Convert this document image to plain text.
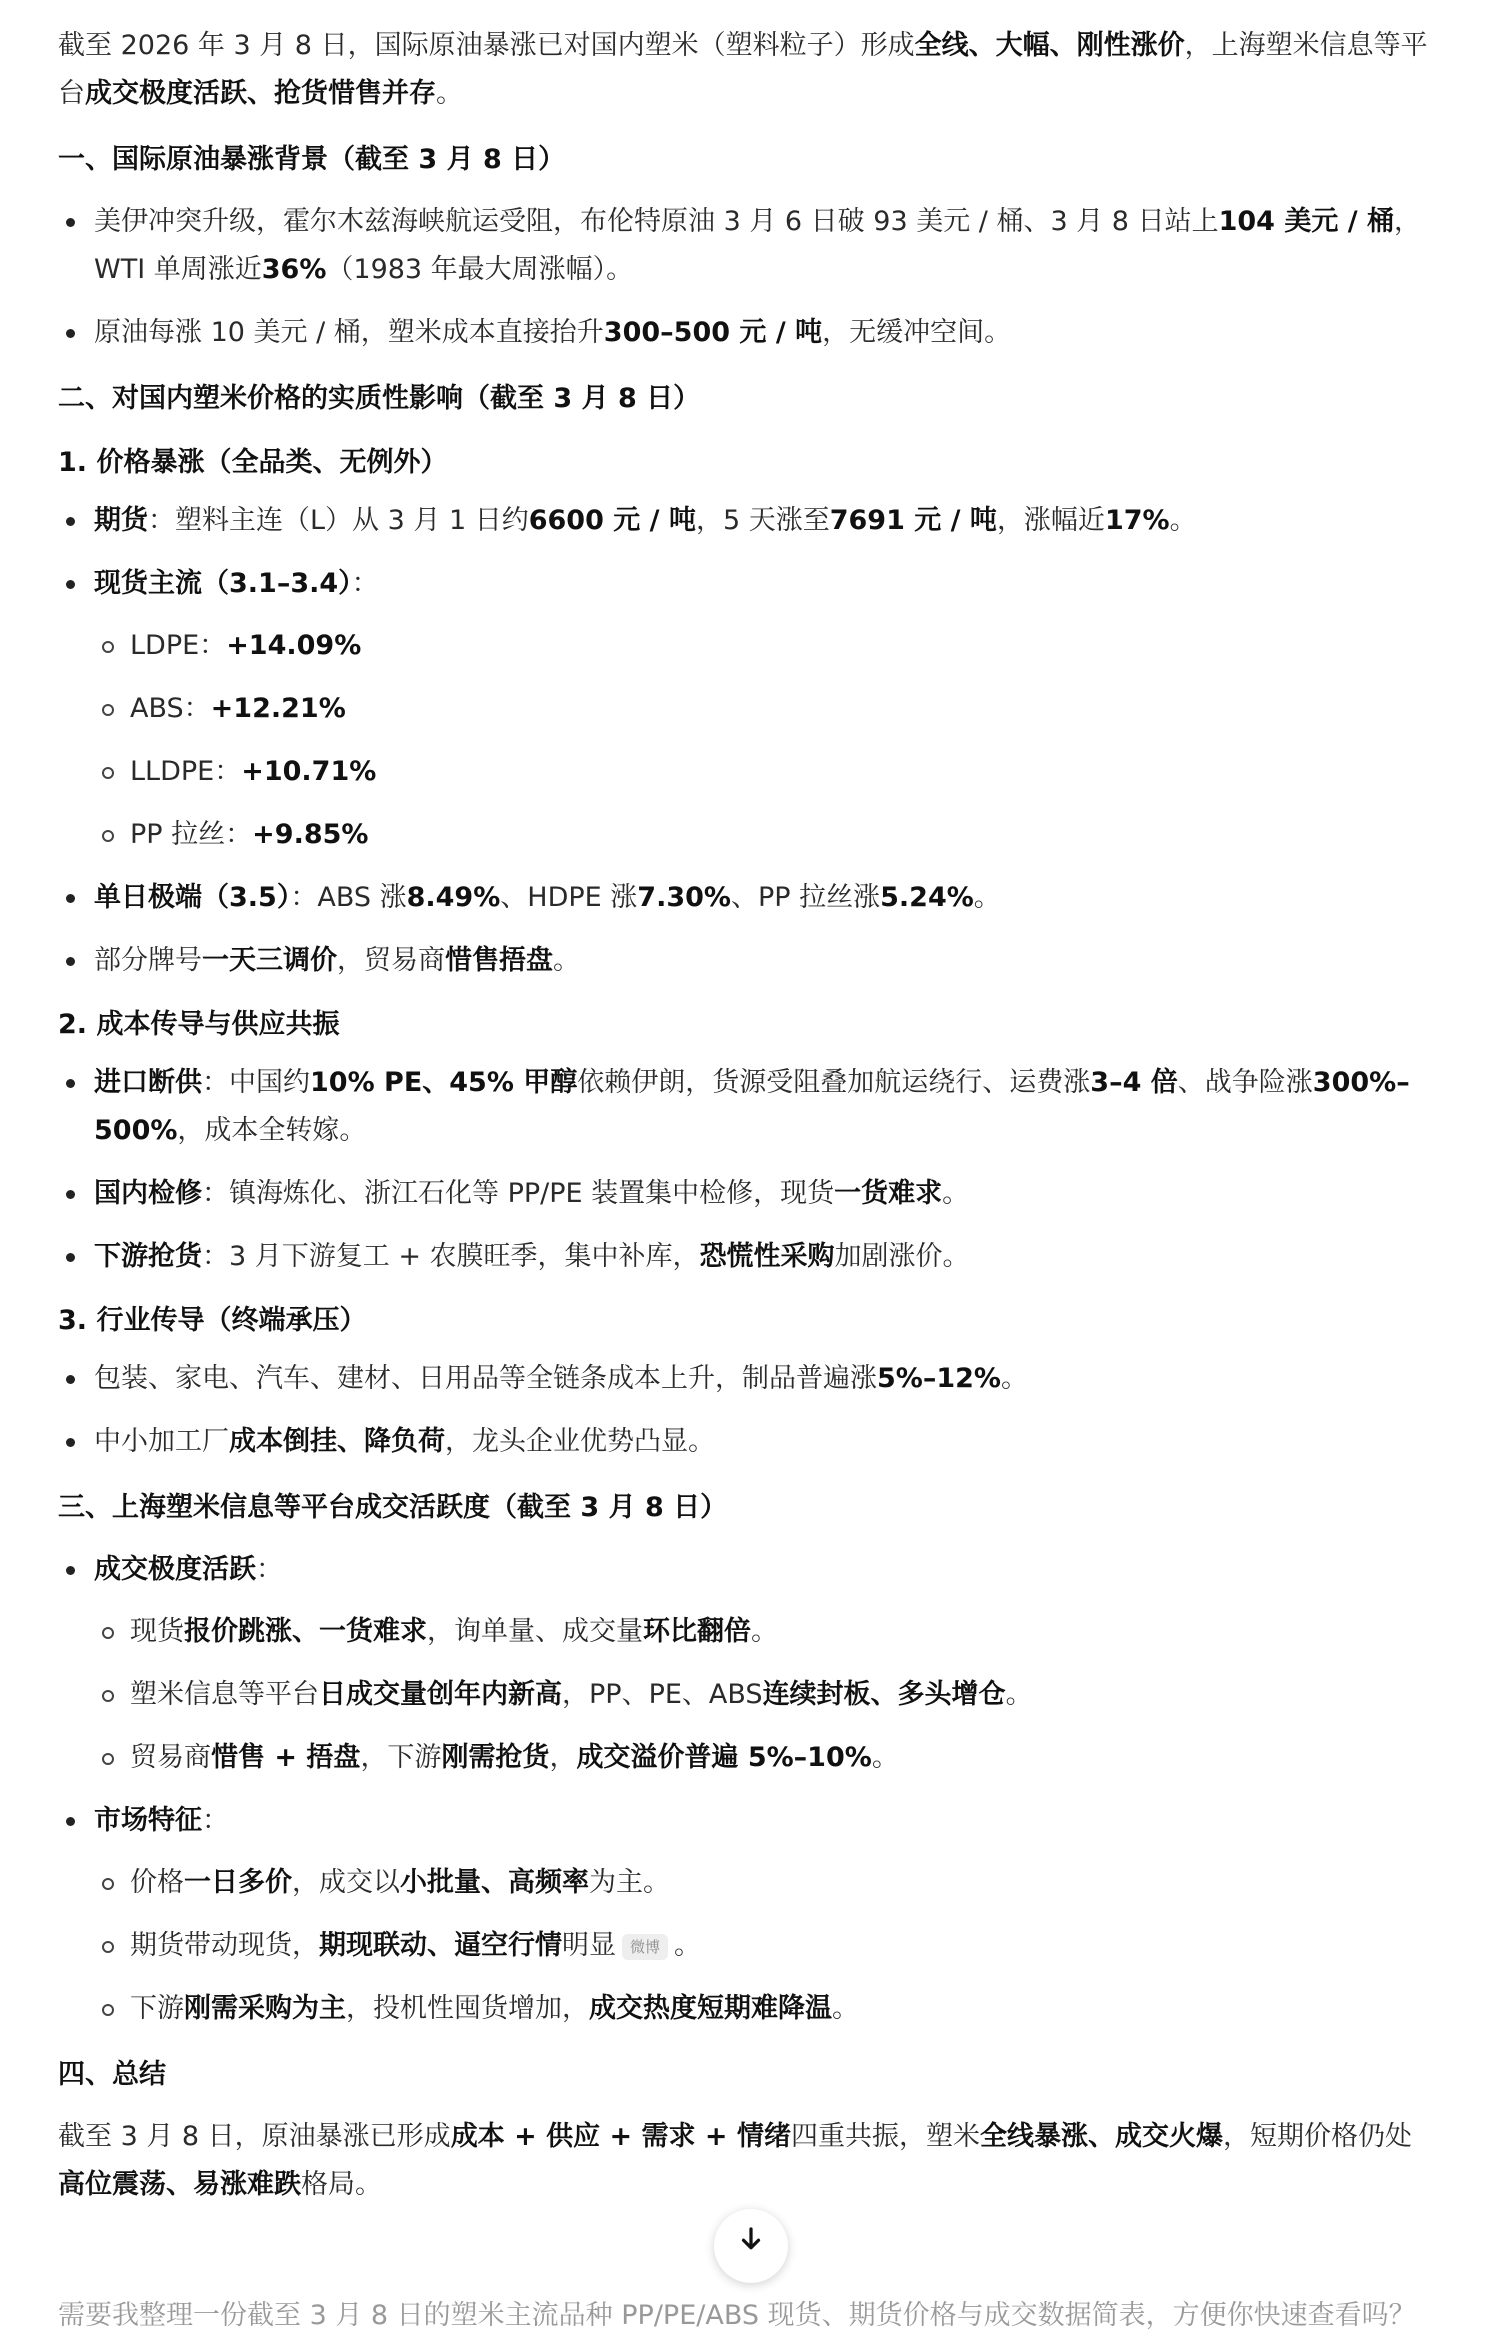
截至 2026 年 3 月 8 日，国际原油暴涨已对国内塑米（塑料粒子）形成全线、大幅、刚性涨价，上海塑米信息等平台成交极度活跃、抢货惜售并存。

一、国际原油暴涨背景（截至 3 月 8 日）
美伊冲突升级，霍尔木兹海峡航运受阻，布伦特原油 3 月 6 日破 93 美元 / 桶、3 月 8 日站上104 美元 / 桶，WTI 单周涨近36%（1983 年最大周涨幅）。
原油每涨 10 美元 / 桶，塑米成本直接抬升300–500 元 / 吨，无缓冲空间。
二、对国内塑米价格的实质性影响（截至 3 月 8 日）
1. 价格暴涨（全品类、无例外）
期货：塑料主连（L）从 3 月 1 日约6600 元 / 吨，5 天涨至7691 元 / 吨，涨幅近17%。
现货主流（3.1–3.4）：
LDPE：+14.09%
ABS：+12.21%
LLDPE：+10.71%
PP 拉丝：+9.85%
单日极端（3.5）：ABS 涨8.49%、HDPE 涨7.30%、PP 拉丝涨5.24%。
部分牌号一天三调价，贸易商惜售捂盘。
2. 成本传导与供应共振
进口断供：中国约10% PE、45% 甲醇依赖伊朗，货源受阻叠加航运绕行、运费涨3–4 倍、战争险涨300%–500%，成本全转嫁。
国内检修：镇海炼化、浙江石化等 PP/PE 装置集中检修，现货一货难求。
下游抢货：3 月下游复工 + 农膜旺季，集中补库，恐慌性采购加剧涨价。
3. 行业传导（终端承压）
包装、家电、汽车、建材、日用品等全链条成本上升，制品普遍涨5%–12%。
中小加工厂成本倒挂、降负荷，龙头企业优势凸显。
三、上海塑米信息等平台成交活跃度（截至 3 月 8 日）
成交极度活跃：
现货报价跳涨、一货难求，询单量、成交量环比翻倍。
塑米信息等平台日成交量创年内新高，PP、PE、ABS连续封板、多头增仓。
贸易商惜售 + 捂盘，下游刚需抢货，成交溢价普遍 5%–10%。
市场特征：
价格一日多价，成交以小批量、高频率为主。
期货带动现货，期现联动、逼空行情明显 微博 。
下游刚需采购为主，投机性囤货增加，成交热度短期难降温。
四、总结

截至 3 月 8 日，原油暴涨已形成成本 + 供应 + 需求 + 情绪四重共振，塑米全线暴涨、成交火爆，短期价格仍处高位震荡、易涨难跌格局。

需要我整理一份截至 3 月 8 日的塑米主流品种 PP/PE/ABS 现货、期货价格与成交数据简表，方便你快速查看吗？
